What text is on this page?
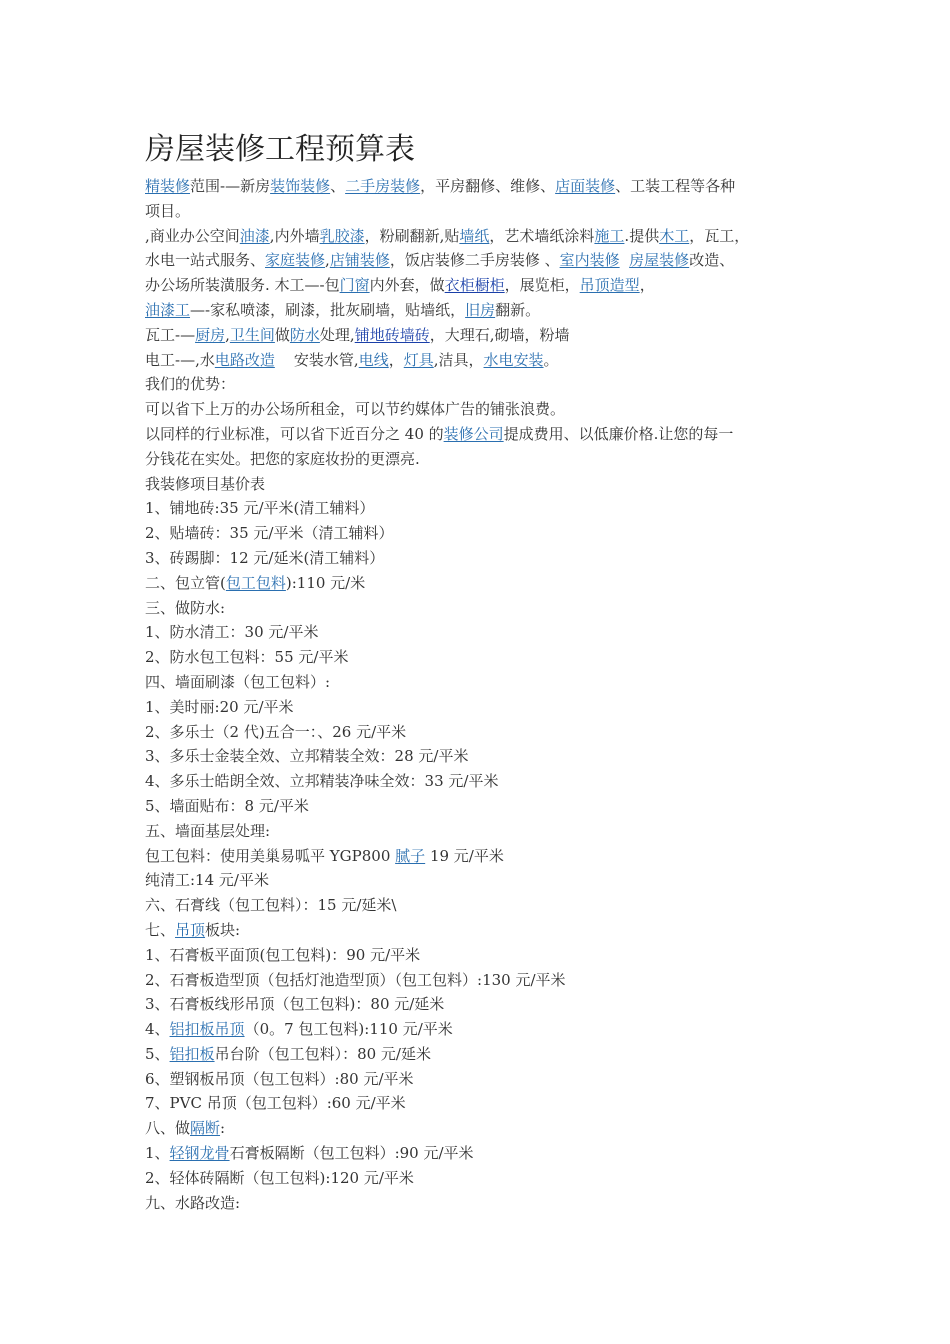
房屋装修工程预算表

精装修范围-—新房装饰装修、二手房装修，平房翻修、维修、店面装修、工装工程等各种

项目。

,商业办公空间油漆,内外墙乳胶漆，粉刷翻新,贴墙纸，艺术墙纸涂料施工.提供木工，瓦工，

水电一站式服务、家庭装修,店铺装修，饭店装修二手房装修 、室内装修 房屋装修改造、

办公场所装潢服务. 木工—-包门窗内外套，做衣柜橱柜，展览柜，吊顶造型，

油漆工—-家私喷漆，刷漆，批灰刷墙，贴墙纸，旧房翻新。

瓦工-—厨房,卫生间做防水处理,铺地砖墙砖，大理石,砌墙，粉墙

电工-—,水电路改造    安装水管,电线，灯具,洁具，水电安装。

我们的优势：

可以省下上万的办公场所租金，可以节约媒体广告的铺张浪费。

以同样的行业标准，可以省下近百分之 40 的装修公司提成费用、以低廉价格.让您的每一

分钱花在实处。把您的家庭妆扮的更漂亮.

我装修项目基价表

1、铺地砖:35 元/平米(清工辅料）

2、贴墙砖：35 元/平米（清工辅料）

3、砖踢脚：12 元/延米(清工辅料）

二、包立管(包工包料):110 元/米

三、做防水:

1、防水清工：30 元/平米

2、防水包工包料：55 元/平米

四、墙面刷漆（包工包料）:

1、美时丽:20 元/平米

2、多乐士（2 代)五合一：、26 元/平米

3、多乐士金装全效、立邦精装全效：28 元/平米

4、多乐士皓朗全效、立邦精装净味全效：33 元/平米

5、墙面贴布：8 元/平米

五、墙面基层处理:

包工包料：使用美巢易呱平 YGP800 腻子 19 元/平米

纯清工:14 元/平米

六、石膏线（包工包料）：15 元/延米\

七、吊顶板块:

1、石膏板平面顶(包工包料)：90 元/平米

2、石膏板造型顶（包括灯池造型顶）（包工包料）:130 元/平米

3、石膏板线形吊顶（包工包料)：80 元/延米

4、铝扣板吊顶（0。7 包工包料):110 元/平米

5、铝扣板吊台阶（包工包料）：80 元/延米

6、塑钢板吊顶（包工包料）:80 元/平米

7、PVC 吊顶（包工包料）:60 元/平米

八、做隔断:

1、轻钢龙骨石膏板隔断（包工包料）:90 元/平米

2、轻体砖隔断（包工包料):120 元/平米

九、水路改造:
